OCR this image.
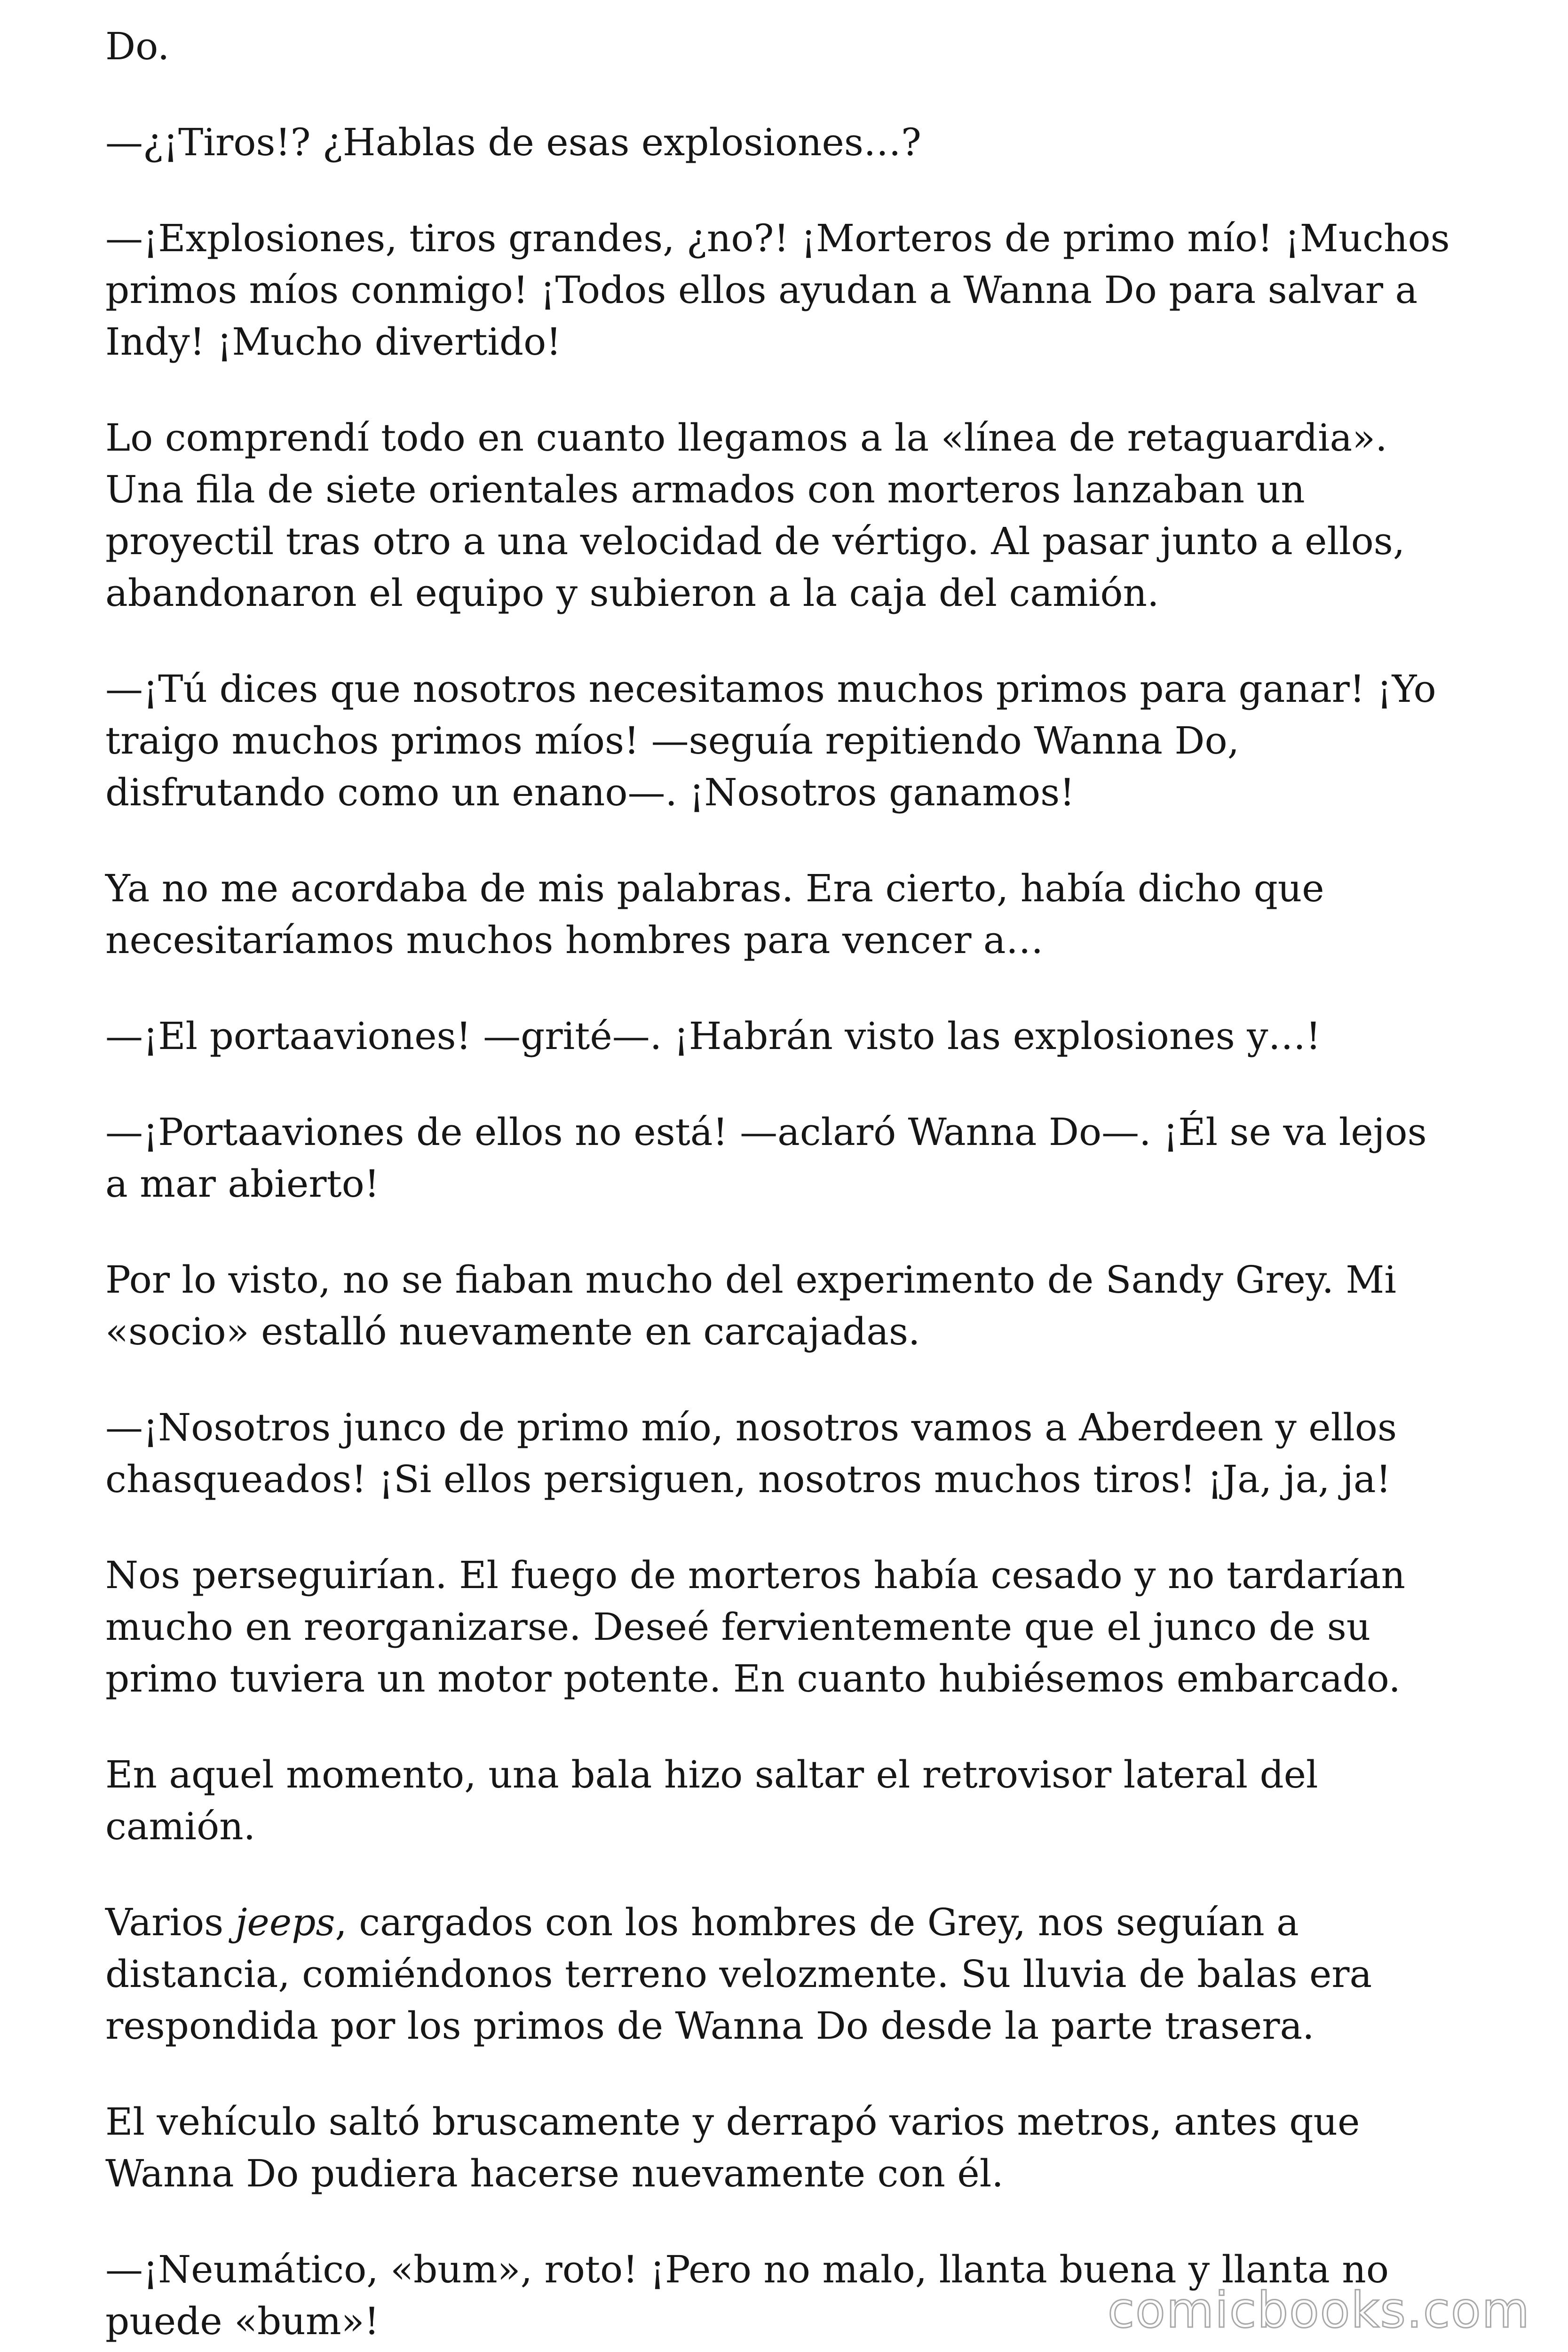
Do.

—¿¡Tiros!? ¿Hablas de esas explosiones…?

—¡Explosiones, tiros grandes, ¿no?! ¡Morteros de primo mío! ¡Muchos
primos míos conmigo! ¡Todos ellos ayudan a Wanna Do para salvar a
Indy! ¡Mucho divertido!

Lo comprendí todo en cuanto llegamos a la «línea de retaguardia».
Una fila de siete orientales armados con morteros lanzaban un
proyectil tras otro a una velocidad de vértigo. Al pasar junto a ellos,
abandonaron el equipo y subieron a la caja del camión.

—¡Tú dices que nosotros necesitamos muchos primos para ganar! ¡Yo
traigo muchos primos míos! —seguía repitiendo Wanna Do,
disfrutando como un enano—. ¡Nosotros ganamos!

Ya no me acordaba de mis palabras. Era cierto, había dicho que
necesitaríamos muchos hombres para vencer a…

—¡El portaaviones! —grité—. ¡Habrán visto las explosiones y…!

—¡Portaaviones de ellos no está! —aclaró Wanna Do—. ¡Él se va lejos
a mar abierto!

Por lo visto, no se fiaban mucho del experimento de Sandy Grey. Mi
«socio» estalló nuevamente en carcajadas.

—¡Nosotros junco de primo mío, nosotros vamos a Aberdeen y ellos
chasqueados! ¡Si ellos persiguen, nosotros muchos tiros! ¡Ja, ja, ja!

Nos perseguirían. El fuego de morteros había cesado y no tardarían
mucho en reorganizarse. Deseé fervientemente que el junco de su
primo tuviera un motor potente. En cuanto hubiésemos embarcado.

En aquel momento, una bala hizo saltar el retrovisor lateral del
camión.

Varios jeeps, cargados con los hombres de Grey, nos seguían a
distancia, comiéndonos terreno velozmente. Su lluvia de balas era
respondida por los primos de Wanna Do desde la parte trasera.

El vehículo saltó bruscamente y derrapó varios metros, antes que
Wanna Do pudiera hacerse nuevamente con él.

—¡Neumático, «bum», roto! ¡Pero no malo, llanta buena y llanta no
puede «bum»!	comicbooks.com
